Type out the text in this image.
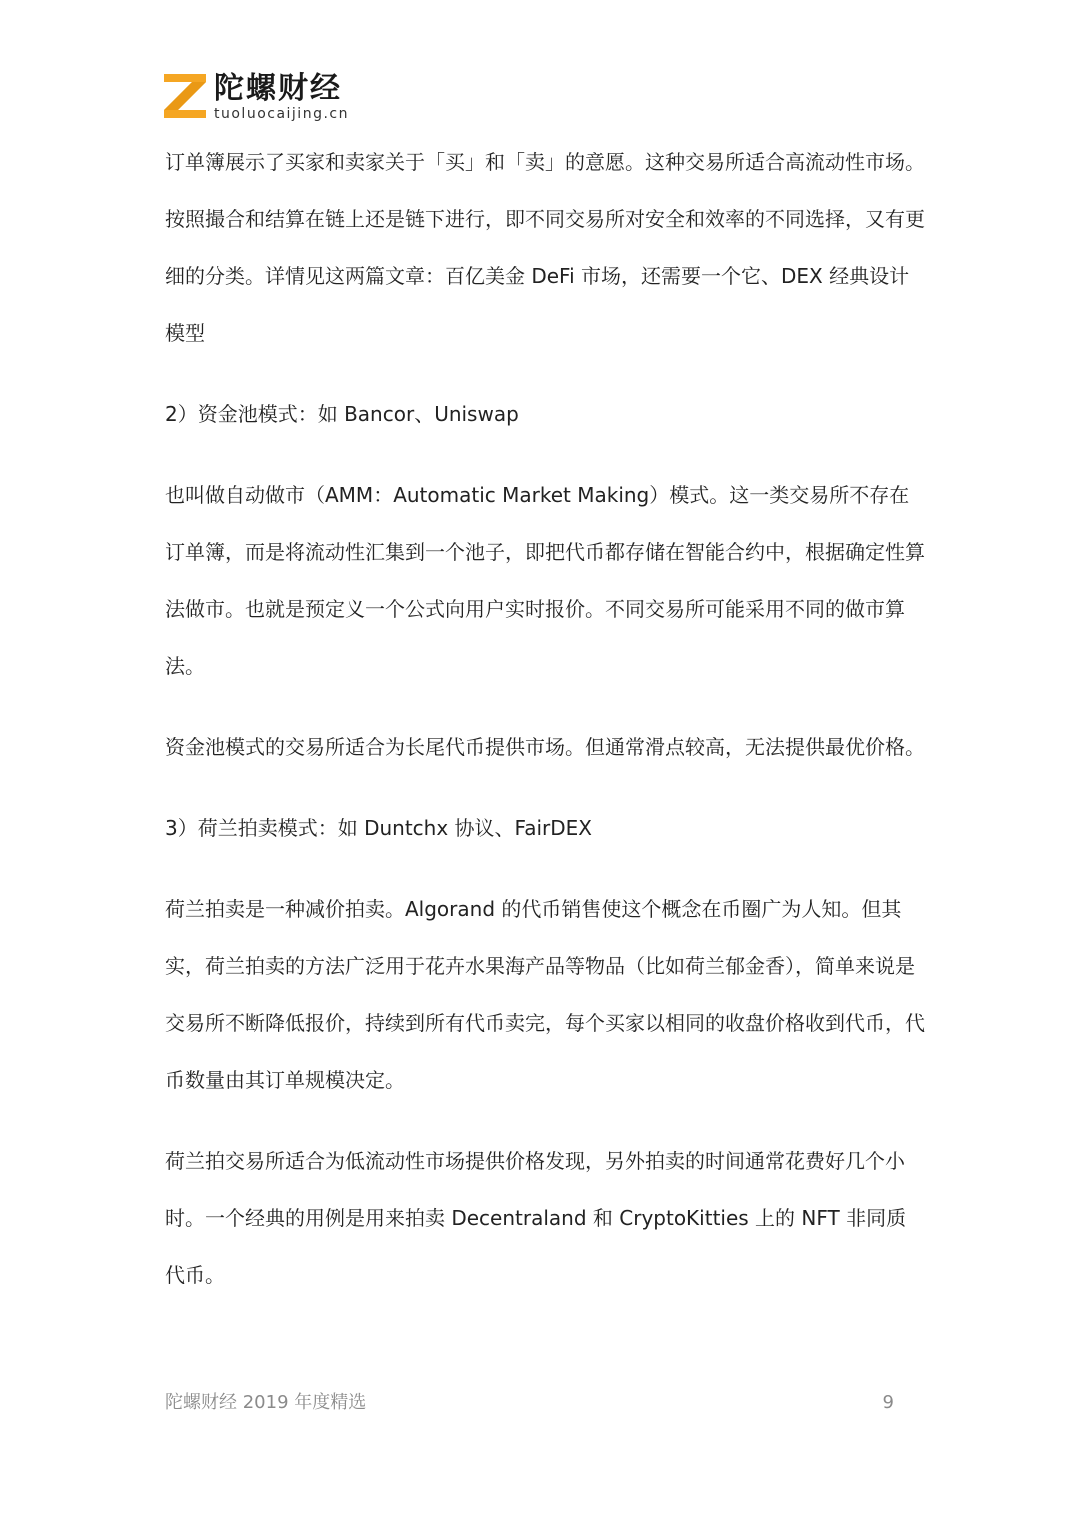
陀螺财经
tuoluocaijing.cn

订单簿展示了买家和卖家关于「买」和「卖」的意愿。这种交易所适合高流动性市场。按照撮合和结算在链上还是链下进行，即不同交易所对安全和效率的不同选择，又有更细的分类。详情见这两篇文章：百亿美金 DeFi 市场，还需要一个它、DEX 经典设计模型

2）资金池模式：如 Bancor、Uniswap

也叫做自动做市（AMM：Automatic Market Making）模式。这一类交易所不存在订单簿，而是将流动性汇集到一个池子，即把代币都存储在智能合约中，根据确定性算法做市。也就是预定义一个公式向用户实时报价。不同交易所可能采用不同的做市算法。

资金池模式的交易所适合为长尾代币提供市场。但通常滑点较高，无法提供最优价格。

3）荷兰拍卖模式：如 Duntchx 协议、FairDEX

荷兰拍卖是一种减价拍卖。Algorand 的代币销售使这个概念在币圈广为人知。但其实，荷兰拍卖的方法广泛用于花卉水果海产品等物品（比如荷兰郁金香），简单来说是交易所不断降低报价，持续到所有代币卖完，每个买家以相同的收盘价格收到代币，代币数量由其订单规模决定。

荷兰拍交易所适合为低流动性市场提供价格发现，另外拍卖的时间通常花费好几个小时。一个经典的用例是用来拍卖 Decentraland 和 CryptoKitties 上的 NFT 非同质代币。

陀螺财经 2019 年度精选	9
